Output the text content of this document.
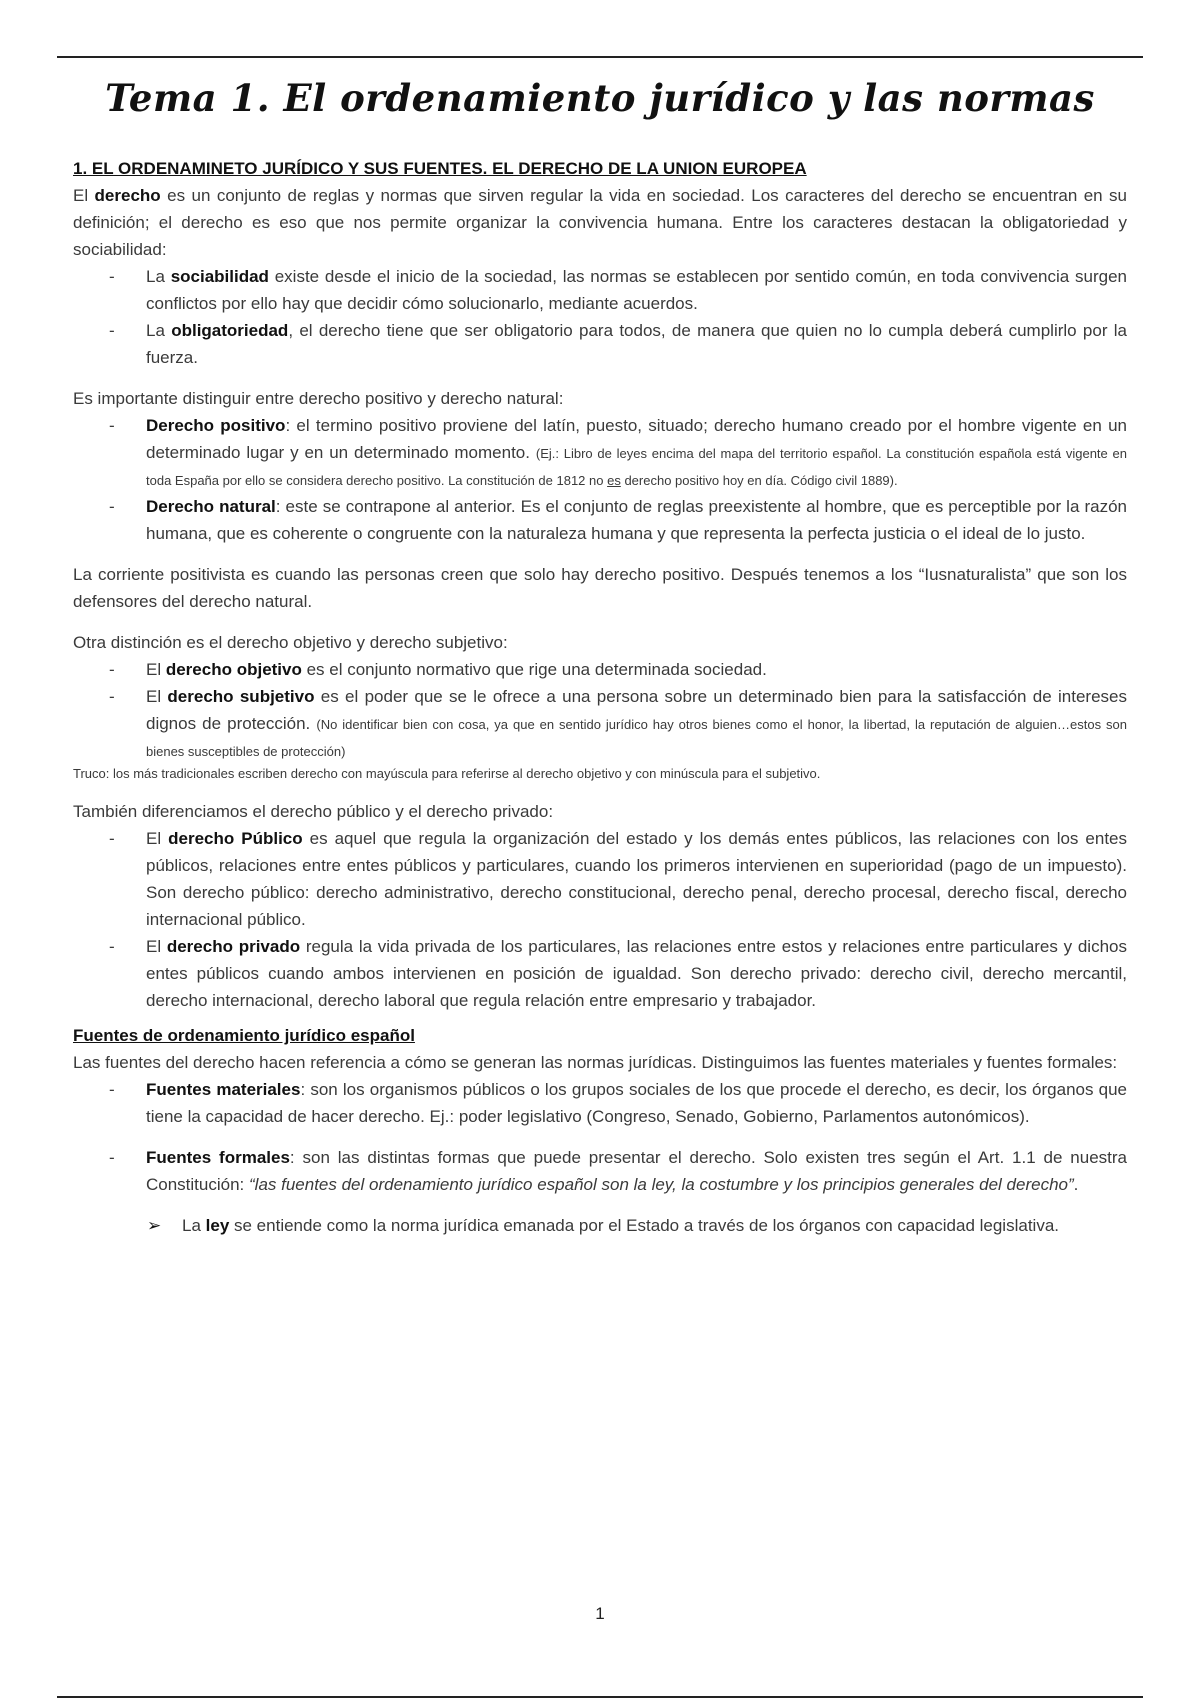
Tema 1. El ordenamiento jurídico y las normas

1. EL ORDENAMINETO JURÍDICO Y SUS FUENTES. EL DERECHO DE LA UNION EUROPEA

El derecho es un conjunto de reglas y normas que sirven regular la vida en sociedad. Los caracteres del derecho se encuentran en su definición; el derecho es eso que nos permite organizar la convivencia humana. Entre los caracteres destacan la obligatoriedad y sociabilidad:

- La sociabilidad existe desde el inicio de la sociedad, las normas se establecen por sentido común, en toda convivencia surgen conflictos por ello hay que decidir cómo solucionarlo, mediante acuerdos.

- La obligatoriedad, el derecho tiene que ser obligatorio para todos, de manera que quien no lo cumpla deberá cumplirlo por la fuerza.

Es importante distinguir entre derecho positivo y derecho natural:

- Derecho positivo: el termino positivo proviene del latín, puesto, situado; derecho humano creado por el hombre vigente en un determinado lugar y en un determinado momento. (Ej.: Libro de leyes encima del mapa del territorio español. La constitución española está vigente en toda España por ello se considera derecho positivo. La constitución de 1812 no es derecho positivo hoy en día. Código civil 1889).

- Derecho natural: este se contrapone al anterior. Es el conjunto de reglas preexistente al hombre, que es perceptible por la razón humana, que es coherente o congruente con la naturaleza humana y que representa la perfecta justicia o el ideal de lo justo.

La corriente positivista es cuando las personas creen que solo hay derecho positivo. Después tenemos a los “Iusnaturalista” que son los defensores del derecho natural.

Otra distinción es el derecho objetivo y derecho subjetivo:

- El derecho objetivo es el conjunto normativo que rige una determinada sociedad.

- El derecho subjetivo es el poder que se le ofrece a una persona sobre un determinado bien para la satisfacción de intereses dignos de protección. (No identificar bien con cosa, ya que en sentido jurídico hay otros bienes como el honor, la libertad, la reputación de alguien…estos son bienes susceptibles de protección)

Truco: los más tradicionales escriben derecho con mayúscula para referirse al derecho objetivo y con minúscula para el subjetivo.

También diferenciamos el derecho público y el derecho privado:

- El derecho Público es aquel que regula la organización del estado y los demás entes públicos, las relaciones con los entes públicos, relaciones entre entes públicos y particulares, cuando los primeros intervienen en superioridad (pago de un impuesto). Son derecho público: derecho administrativo, derecho constitucional, derecho penal, derecho procesal, derecho fiscal, derecho internacional público.

- El derecho privado regula la vida privada de los particulares, las relaciones entre estos y relaciones entre particulares y dichos entes públicos cuando ambos intervienen en posición de igualdad. Son derecho privado: derecho civil, derecho mercantil, derecho internacional, derecho laboral que regula relación entre empresario y trabajador.

Fuentes de ordenamiento jurídico español

Las fuentes del derecho hacen referencia a cómo se generan las normas jurídicas. Distinguimos las fuentes materiales y fuentes formales:

- Fuentes materiales: son los organismos públicos o los grupos sociales de los que procede el derecho, es decir, los órganos que tiene la capacidad de hacer derecho. Ej.: poder legislativo (Congreso, Senado, Gobierno, Parlamentos autonómicos).

- Fuentes formales: son las distintas formas que puede presentar el derecho. Solo existen tres según el Art. 1.1 de nuestra Constitución: “las fuentes del ordenamiento jurídico español son la ley, la costumbre y los principios generales del derecho”.

➢ La ley se entiende como la norma jurídica emanada por el Estado a través de los órganos con capacidad legislativa.

1
